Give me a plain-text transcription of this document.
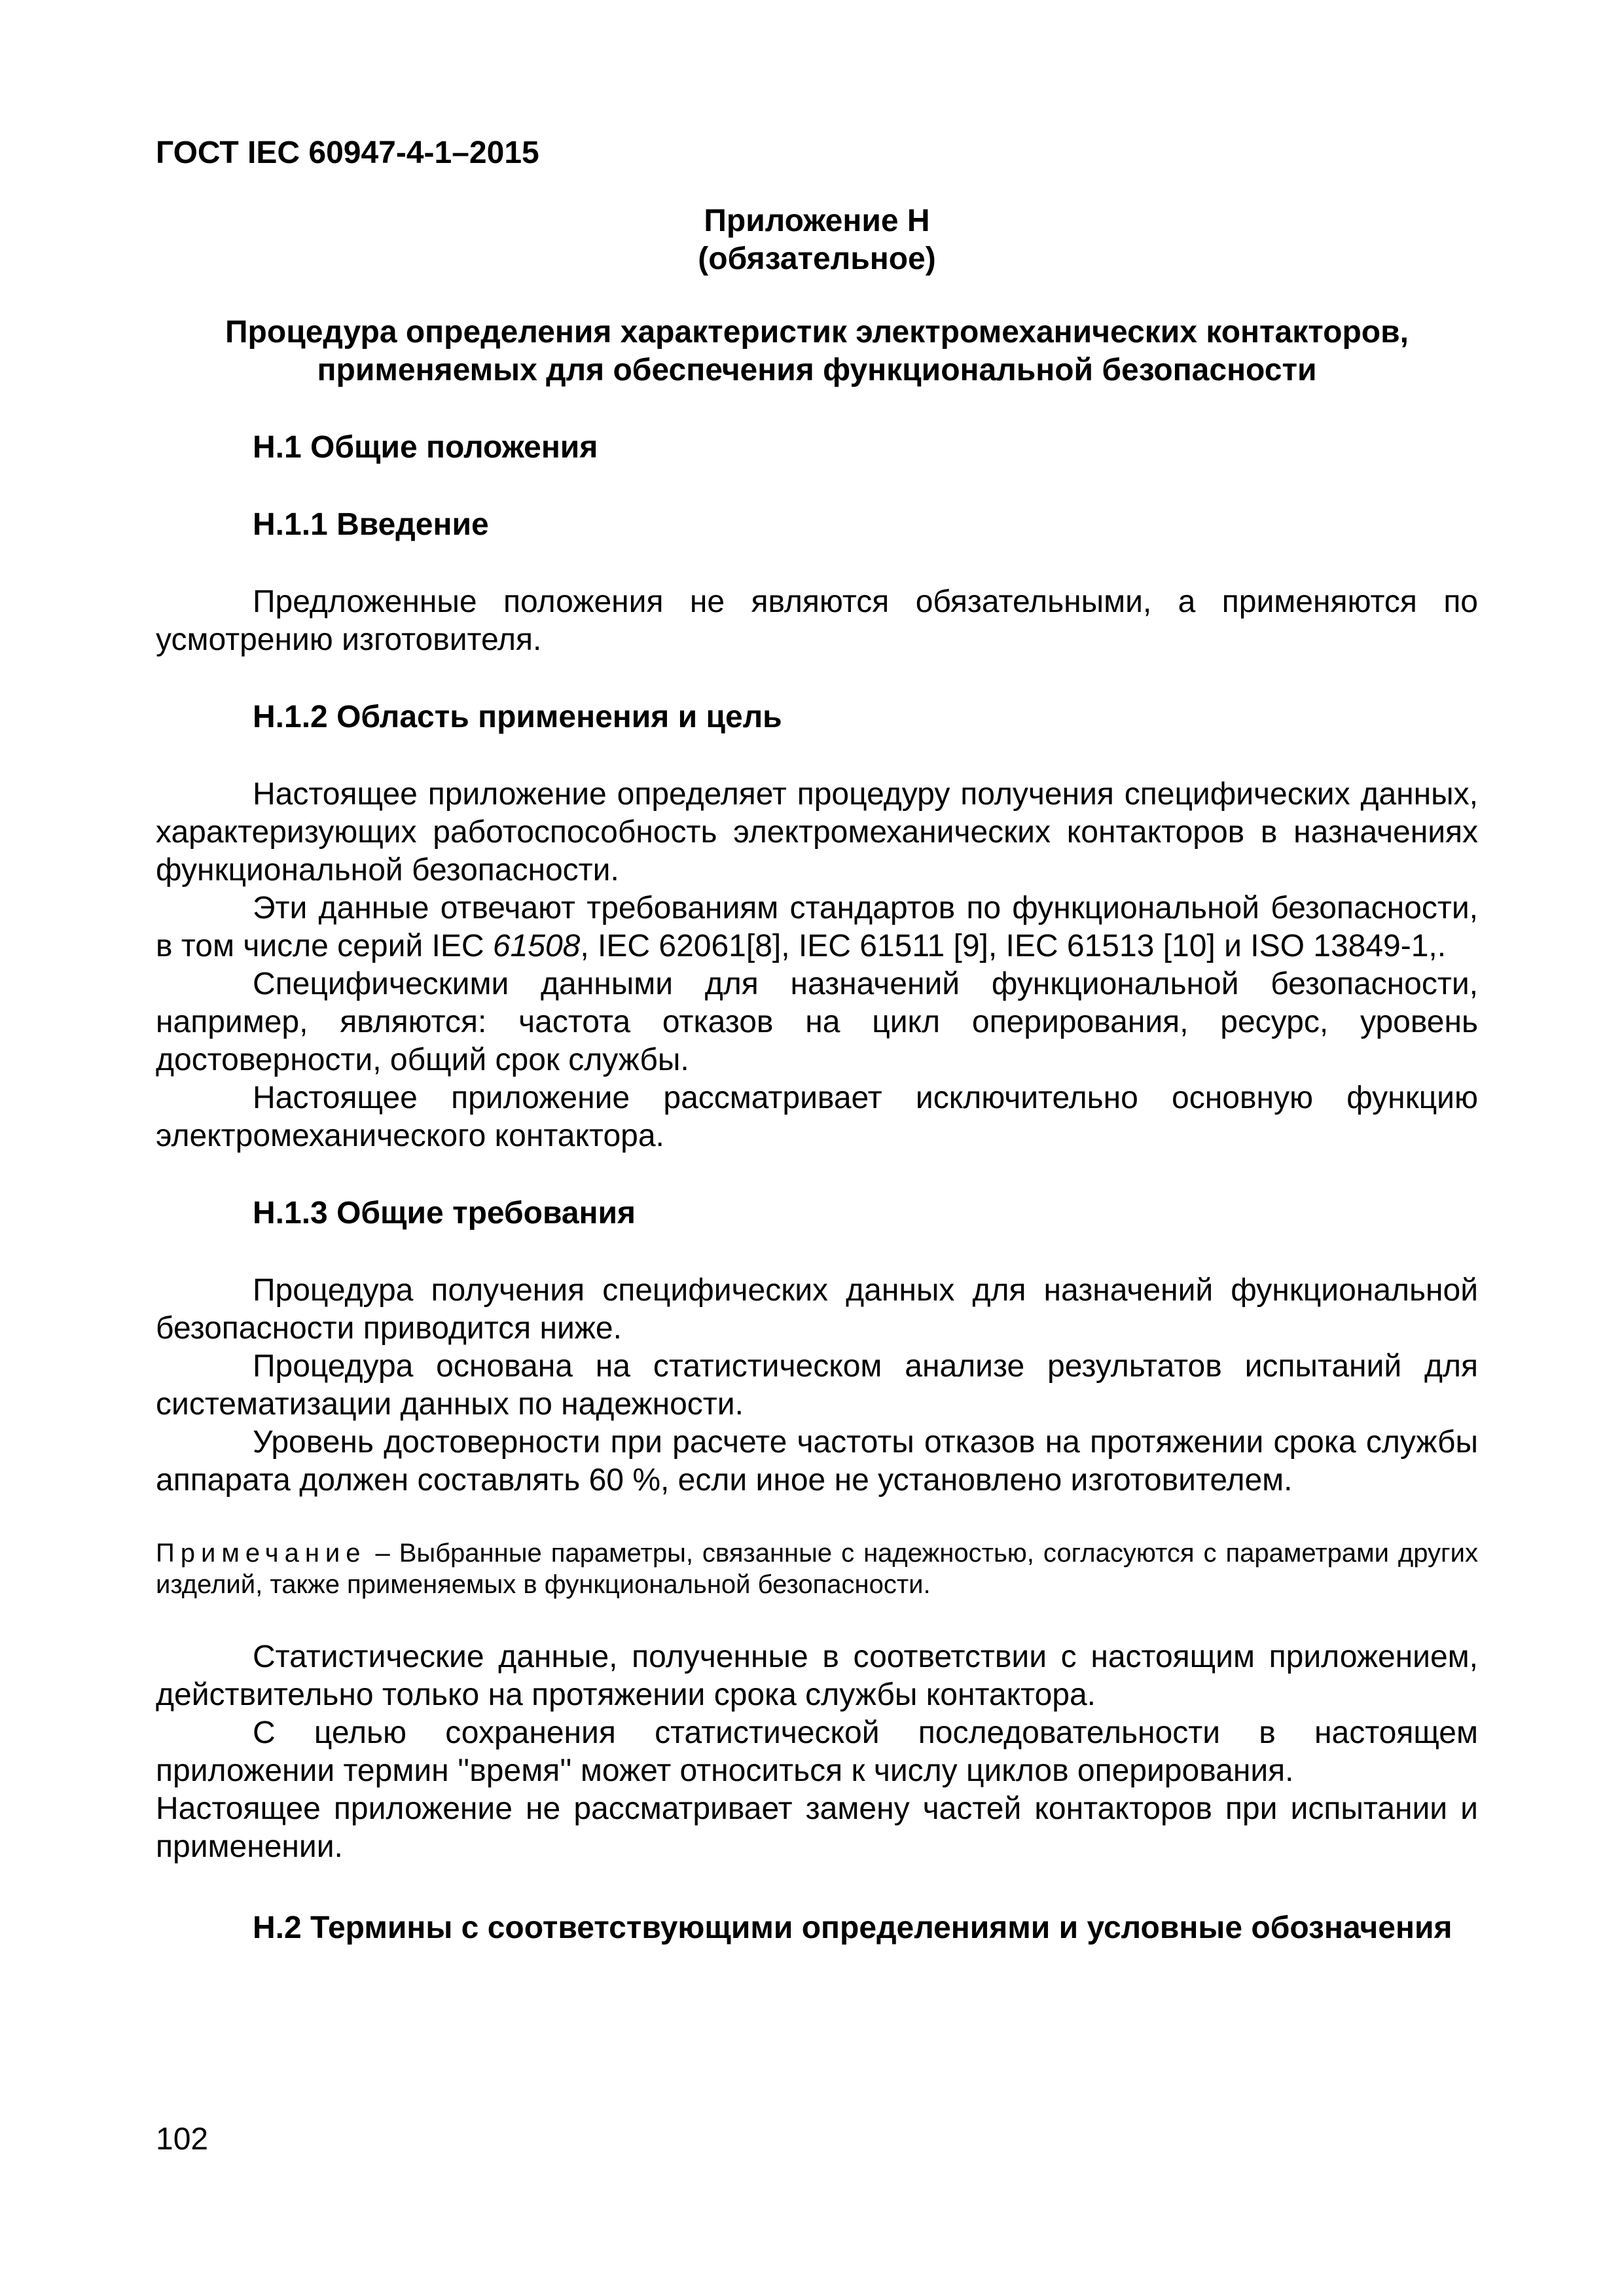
ГОСТ IEC 60947-4-1–2015
Приложение Н
(обязательное)
Процедура определения характеристик электромеханических контакторов,
применяемых для обеспечения функциональной безопасности
Н.1 Общие положения
Н.1.1 Введение

Предложенные положения не являются обязательными, а применяются по усмотрению изготовителя.

Н.1.2 Область применения и цель

Настоящее приложение определяет процедуру получения специфических данных, характеризующих работоспособность электромеханических контакторов в назначениях функциональной безопасности.

Эти данные отвечают требованиям стандартов по функциональной безопасности, в том числе серий IEC 61508, IEC 62061[8], IEC 61511 [9], IEC 61513 [10] и ISO 13849-1,.

Специфическими данными для назначений функциональной безопасности, например, являются: частота отказов на цикл оперирования, ресурс, уровень достоверности, общий срок службы.

Настоящее приложение рассматривает исключительно основную функцию электромеханического контактора.

Н.1.3 Общие требования

Процедура получения специфических данных для назначений функциональной безопасности приводится ниже.

Процедура основана на статистическом анализе результатов испытаний для систематизации данных по надежности.

Уровень достоверности при расчете частоты отказов на протяжении срока службы аппарата должен составлять 60 %, если иное не установлено изготовителем.

Примечание – Выбранные параметры, связанные с надежностью, согласуются с параметрами других изделий, также применяемых в функциональной безопасности.

Статистические данные, полученные в соответствии с настоящим приложением, действительно только на протяжении срока службы контактора.

С целью сохранения статистической последовательности в настоящем приложении термин ''время'' может относиться к числу циклов оперирования.

Настоящее приложение не рассматривает замену частей контакторов при испытании и применении.

Н.2 Термины с соответствующими определениями и условные обозначения
102
